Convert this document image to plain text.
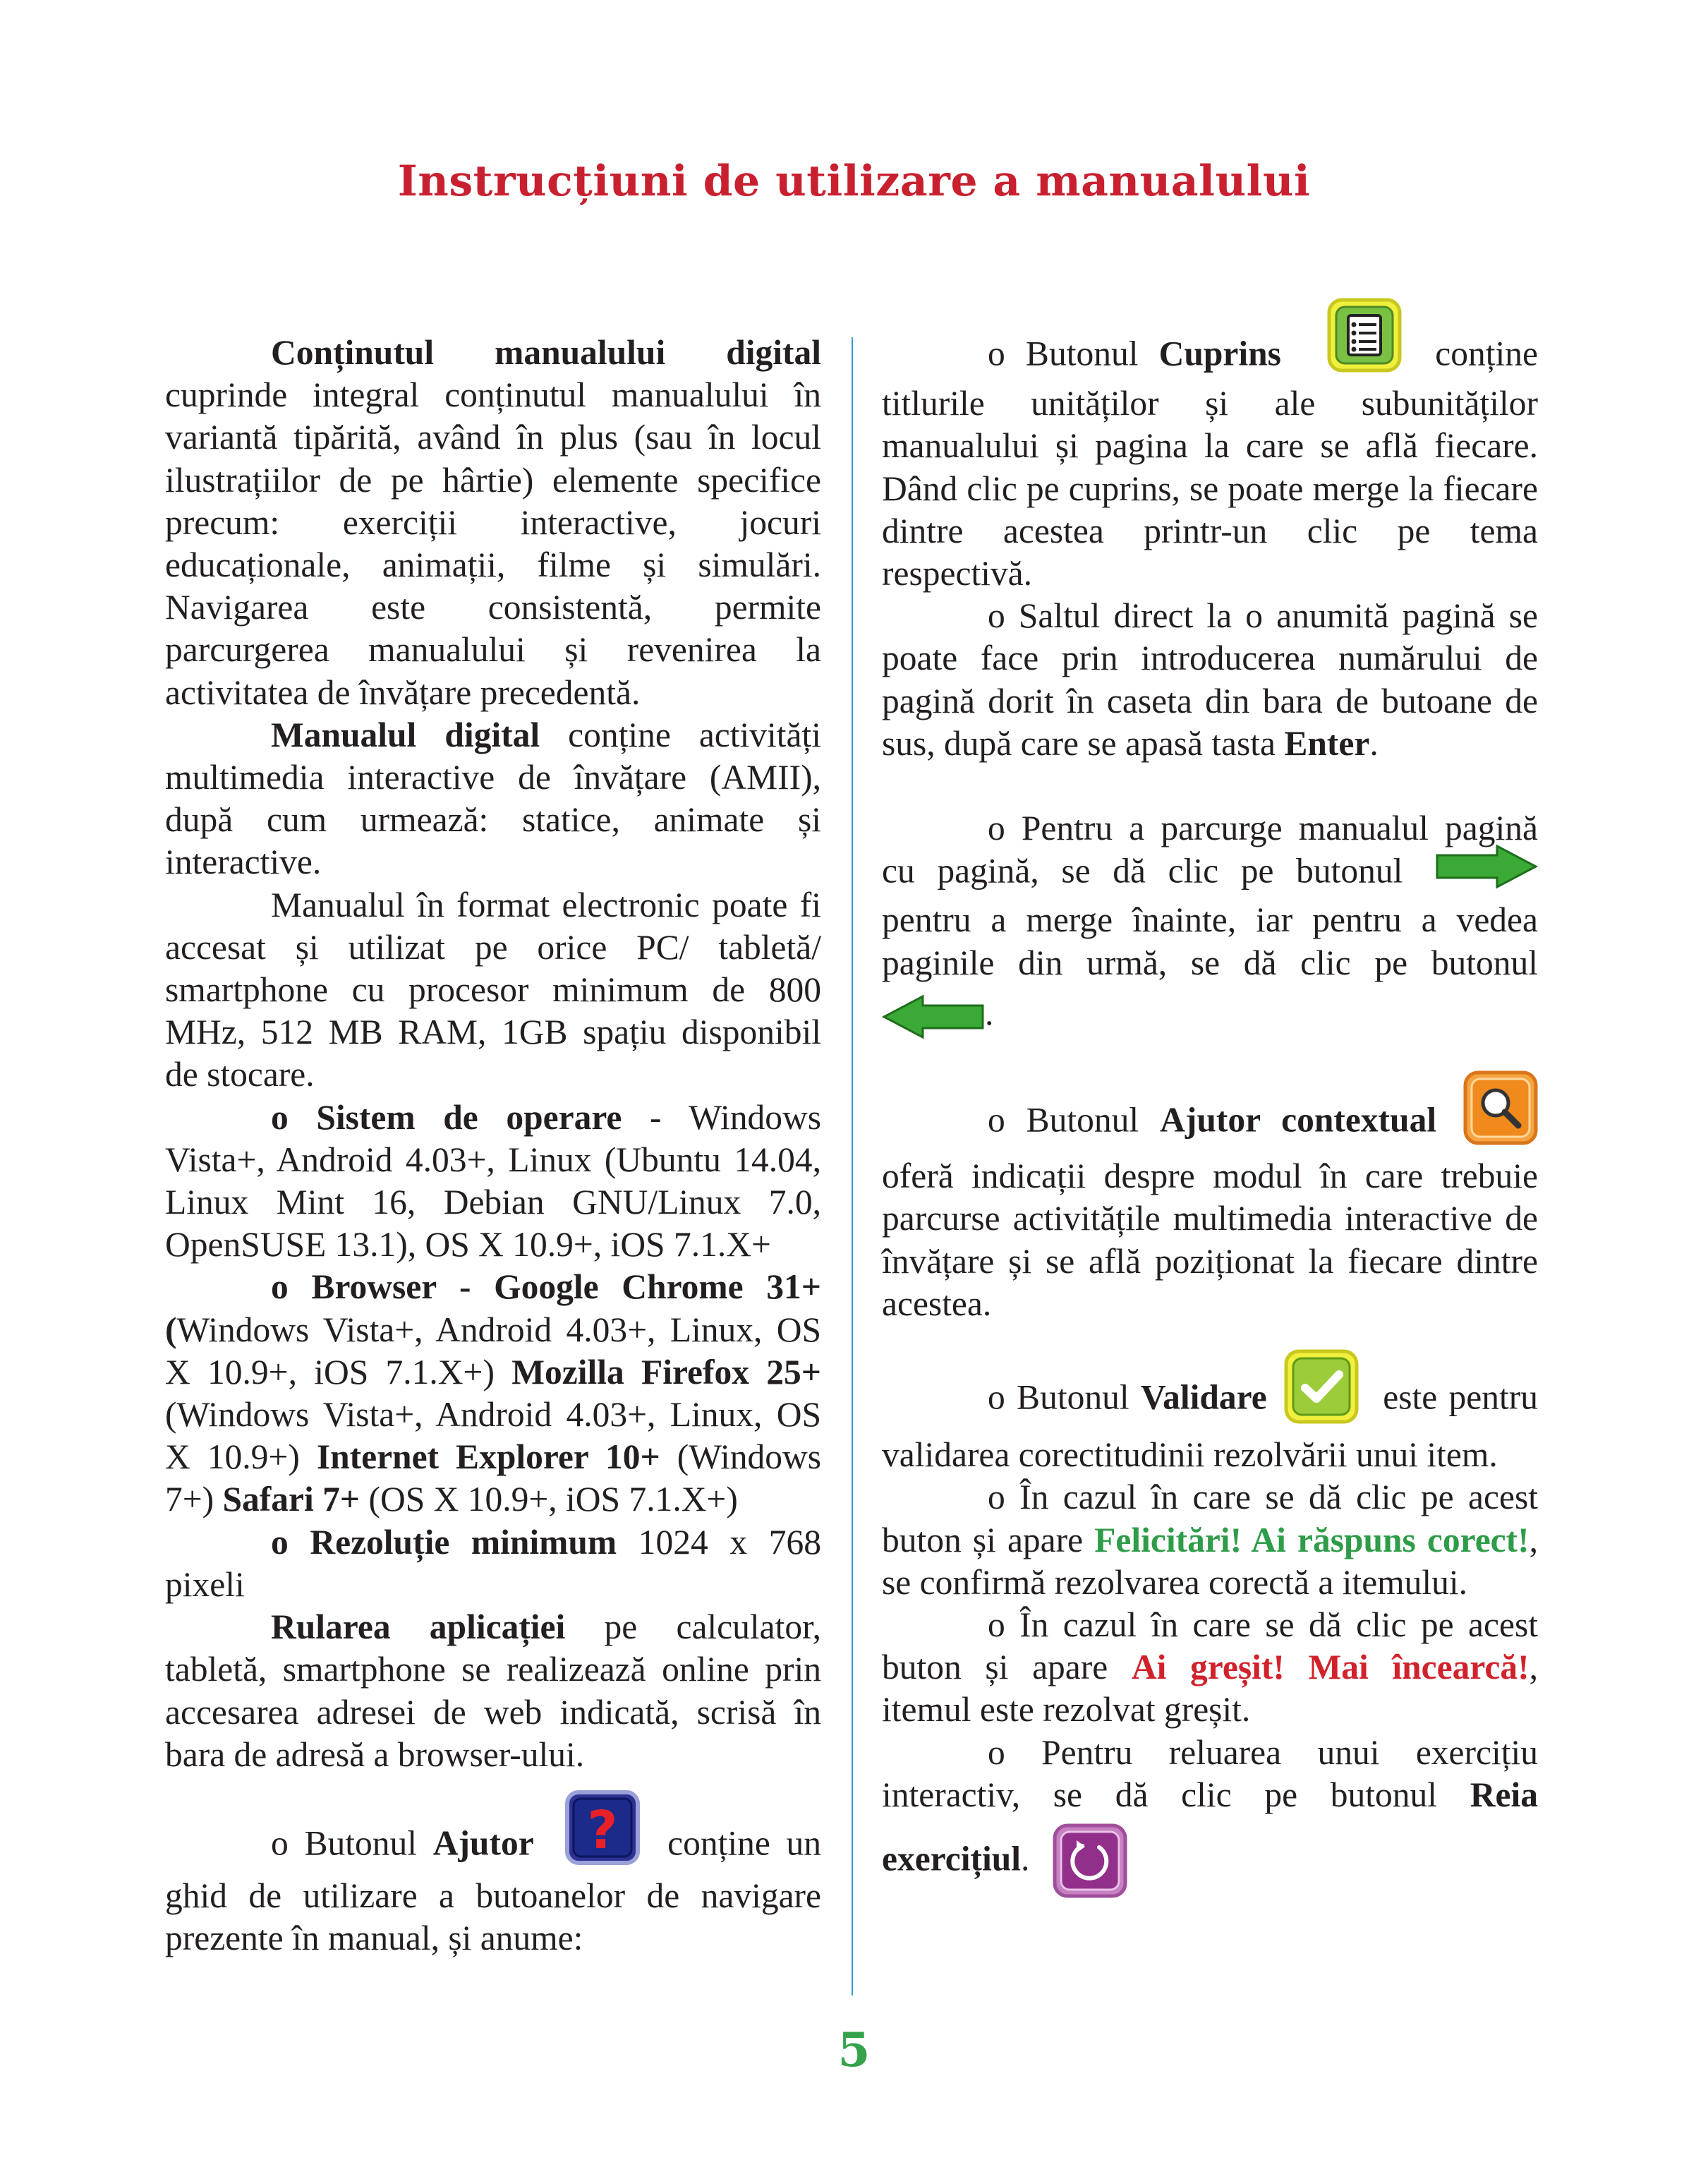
Instrucțiuni de utilizare a manualului

Conținutul manualului digital cuprinde integral conținutul manualului în variantă tipărită, având în plus (sau în locul ilustrațiilor de pe hârtie) elemente specifice precum: exerciții interactive, jocuri educaționale, animații, filme și simulări. Navigarea este consistentă, permite parcurgerea manualului și revenirea la activitatea de învățare precedentă.

Manualul digital conține activități multimedia interactive de învățare (AMII), după cum urmează: statice, animate și interactive.

Manualul în format electronic poate fi accesat și utilizat pe orice PC/ tabletă/ smartphone cu procesor minimum de 800 MHz, 512 MB RAM, 1GB spațiu disponibil de stocare.

o Sistem de operare - Windows Vista+, Android 4.03+, Linux (Ubuntu 14.04, Linux Mint 16, Debian GNU/Linux 7.0, OpenSUSE 13.1), OS X 10.9+, iOS 7.1.X+

o Browser - Google Chrome 31+ (Windows Vista+, Android 4.03+, Linux, OS X 10.9+, iOS 7.1.X+) Mozilla Firefox 25+ (Windows Vista+, Android 4.03+, Linux, OS X 10.9+) Internet Explorer 10+ (Windows 7+) Safari 7+ (OS X 10.9+, iOS 7.1.X+)

o Rezoluție minimum 1024 x 768 pixeli

Rularea aplicației pe calculator, tabletă, smartphone se realizează online prin accesarea adresei de web indicată, scrisă în bara de adresă a browser-ului.

o Butonul Ajutor ? conține un ghid de utilizare a butoanelor de navigare prezente în manual, și anume:

o Butonul Cuprins	conține titlurile unităților și ale subunităților manualului și pagina la care se află fiecare. Dând clic pe cuprins, se poate merge la fiecare dintre acestea printr-un clic pe tema respectivă.

o Saltul direct la o anumită pagină se poate face prin introducerea numărului de pagină dorit în caseta din bara de butoane de sus, după care se apasă tasta Enter.

o Pentru a parcurge manualul pagină cu pagină, se dă clic pe butonul  pentru a merge înainte, iar pentru a vedea paginile din urmă, se dă clic pe butonul .

o Butonul Ajutor contextual  oferă indicații despre modul în care trebuie parcurse activitățile multimedia interactive de învățare și se află poziționat la fiecare dintre acestea.

o Butonul Validare	este pentru validarea corectitudinii rezolvării unui item.

o În cazul în care se dă clic pe acest buton și apare Felicitări! Ai răspuns corect!, se confirmă rezolvarea corectă a itemului.

o În cazul în care se dă clic pe acest buton și apare Ai greșit! Mai încearcă!, itemul este rezolvat greșit.

o Pentru reluarea unui exercițiu interactiv, se dă clic pe butonul Reia exercițiul.

5
